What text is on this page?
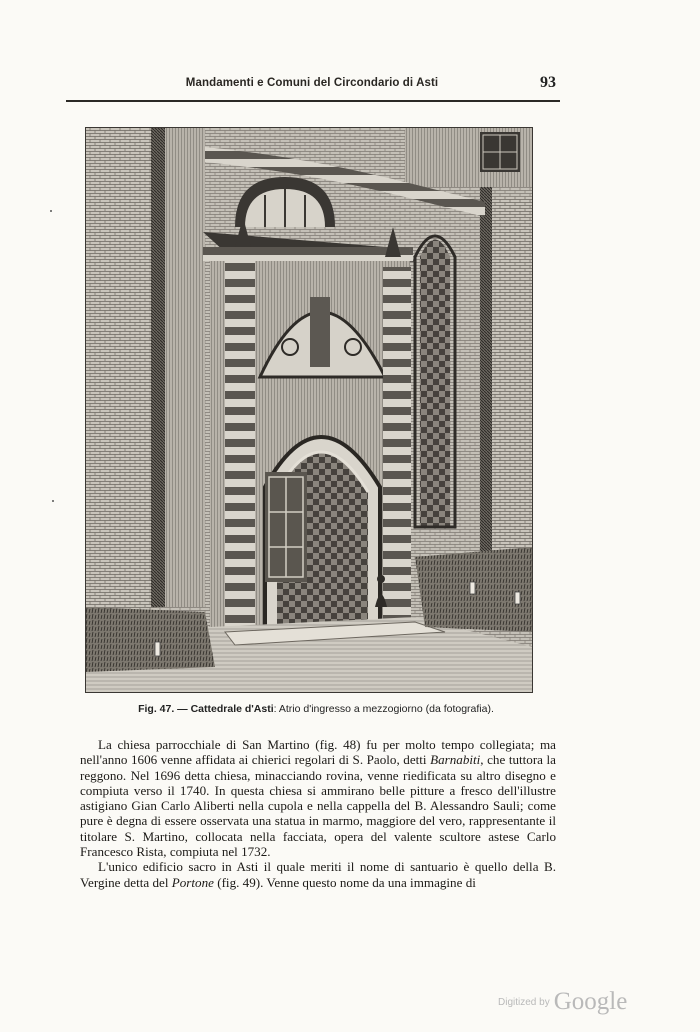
Mandamenti e Comuni del Circondario di Asti	93
Fig. 47. — Cattedrale d'Asti: Atrio d'ingresso a mezzogiorno (da fotografia).

La chiesa parrocchiale di San Martino (fig. 48) fu per molto tempo collegiata; ma nell'anno 1606 venne affidata ai chierici regolari di S. Paolo, detti Barnabiti, che tuttora la reggono. Nel 1696 detta chiesa, minacciando rovina, venne riedificata su altro disegno e compiuta verso il 1740. In questa chiesa si ammirano belle pitture a fresco dell'illustre astigiano Gian Carlo Aliberti nella cupola e nella cappella del B. Alessandro Sauli; come pure è degna di essere osservata una statua in marmo, maggiore del vero, rappresentante il titolare S. Martino, collocata nella facciata, opera del valente scultore astese Carlo Francesco Rista, compiuta nel 1732.

L'unico edificio sacro in Asti il quale meriti il nome di santuario è quello della B. Vergine detta del Portone (fig. 49). Venne questo nome da una immagine di

$^{Digitized by}$ Google
